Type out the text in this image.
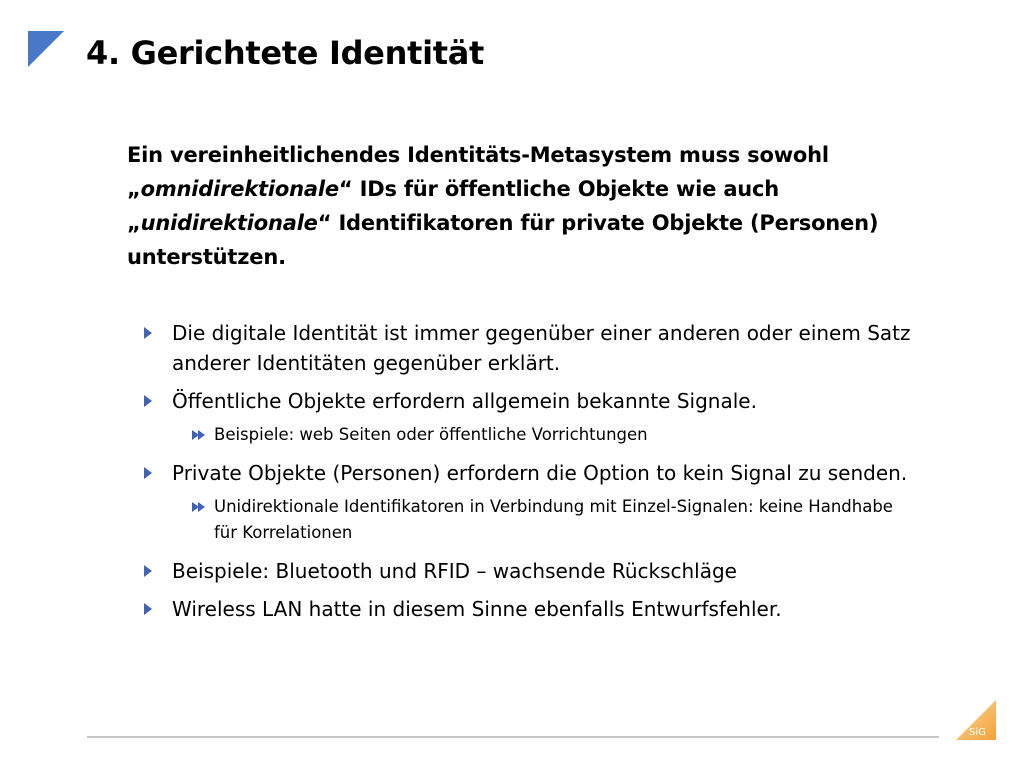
4. Gerichtete Identität
Ein vereinheitlichendes Identitäts-Metasystem muss sowohl
„omnidirektionale“ IDs für öffentliche Objekte wie auch
„unidirektionale“ Identifikatoren für private Objekte (Personen)
unterstützen.
Die digitale Identität ist immer gegenüber einer anderen oder einem Satz anderer Identitäten gegenüber erklärt.
Öffentliche Objekte erfordern allgemein bekannte Signale.
Beispiele: web Seiten oder öffentliche Vorrichtungen
Private Objekte (Personen) erfordern die Option to kein Signal zu senden.
Unidirektionale Identifikatoren in Verbindung mit Einzel-Signalen: keine Handhabe für Korrelationen
Beispiele: Bluetooth und RFID – wachsende Rückschläge
Wireless LAN hatte in diesem Sinne ebenfalls Entwurfsfehler.
SiG
